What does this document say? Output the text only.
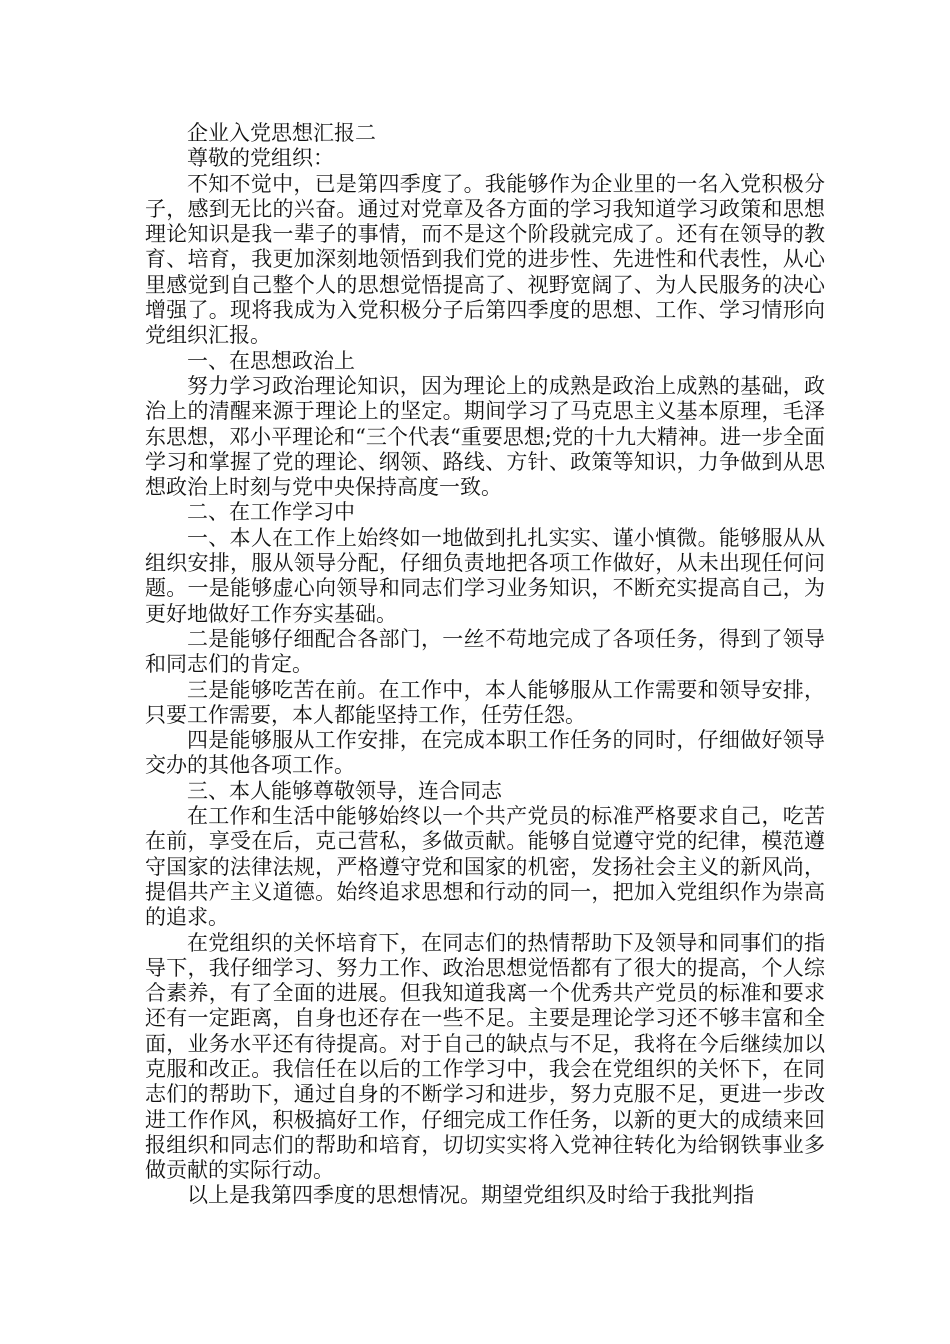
企业入党思想汇报二

尊敬的党组织：

不知不觉中，已是第四季度了。我能够作为企业里的一名入党积极分子，感到无比的兴奋。通过对党章及各方面的学习我知道学习政策和思想理论知识是我一辈子的事情，而不是这个阶段就完成了。还有在领导的教育、培育，我更加深刻地领悟到我们党的进步性、先进性和代表性，从心里感觉到自己整个人的思想觉悟提高了、视野宽阔了、为人民服务的决心增强了。现将我成为入党积极分子后第四季度的思想、工作、学习情形向党组织汇报。

一、在思想政治上

努力学习政治理论知识，因为理论上的成熟是政治上成熟的基础，政治上的清醒来源于理论上的坚定。期间学习了马克思主义基本原理，毛泽东思想，邓小平理论和“三个代表“重要思想;党的十九大精神。进一步全面学习和掌握了党的理论、纲领、路线、方针、政策等知识，力争做到从思想政治上时刻与党中央保持高度一致。

二、在工作学习中

一、本人在工作上始终如一地做到扎扎实实、谨小慎微。能够服从从组织安排，服从领导分配，仔细负责地把各项工作做好，从未出现任何问题。一是能够虚心向领导和同志们学习业务知识，不断充实提高自己，为更好地做好工作夯实基础。

二是能够仔细配合各部门，一丝不苟地完成了各项任务，得到了领导和同志们的肯定。

三是能够吃苦在前。在工作中，本人能够服从工作需要和领导安排，只要工作需要，本人都能坚持工作，任劳任怨。

四是能够服从工作安排，在完成本职工作任务的同时，仔细做好领导交办的其他各项工作。

三、本人能够尊敬领导，连合同志

在工作和生活中能够始终以一个共产党员的标准严格要求自己，吃苦在前，享受在后，克己营私，多做贡献。能够自觉遵守党的纪律，模范遵守国家的法律法规，严格遵守党和国家的机密，发扬社会主义的新风尚，提倡共产主义道德。始终追求思想和行动的同一，把加入党组织作为崇高的追求。

在党组织的关怀培育下，在同志们的热情帮助下及领导和同事们的指导下，我仔细学习、努力工作、政治思想觉悟都有了很大的提高，个人综合素养，有了全面的进展。但我知道我离一个优秀共产党员的标准和要求还有一定距离，自身也还存在一些不足。主要是理论学习还不够丰富和全面，业务水平还有待提高。对于自己的缺点与不足，我将在今后继续加以克服和改正。我信任在以后的工作学习中，我会在党组织的关怀下，在同志们的帮助下，通过自身的不断学习和进步，努力克服不足，更进一步改进工作作风，积极搞好工作，仔细完成工作任务，以新的更大的成绩来回报组织和同志们的帮助和培育，切切实实将入党神往转化为给钢铁事业多做贡献的实际行动。

以上是我第四季度的思想情况。期望党组织及时给于我批判指
